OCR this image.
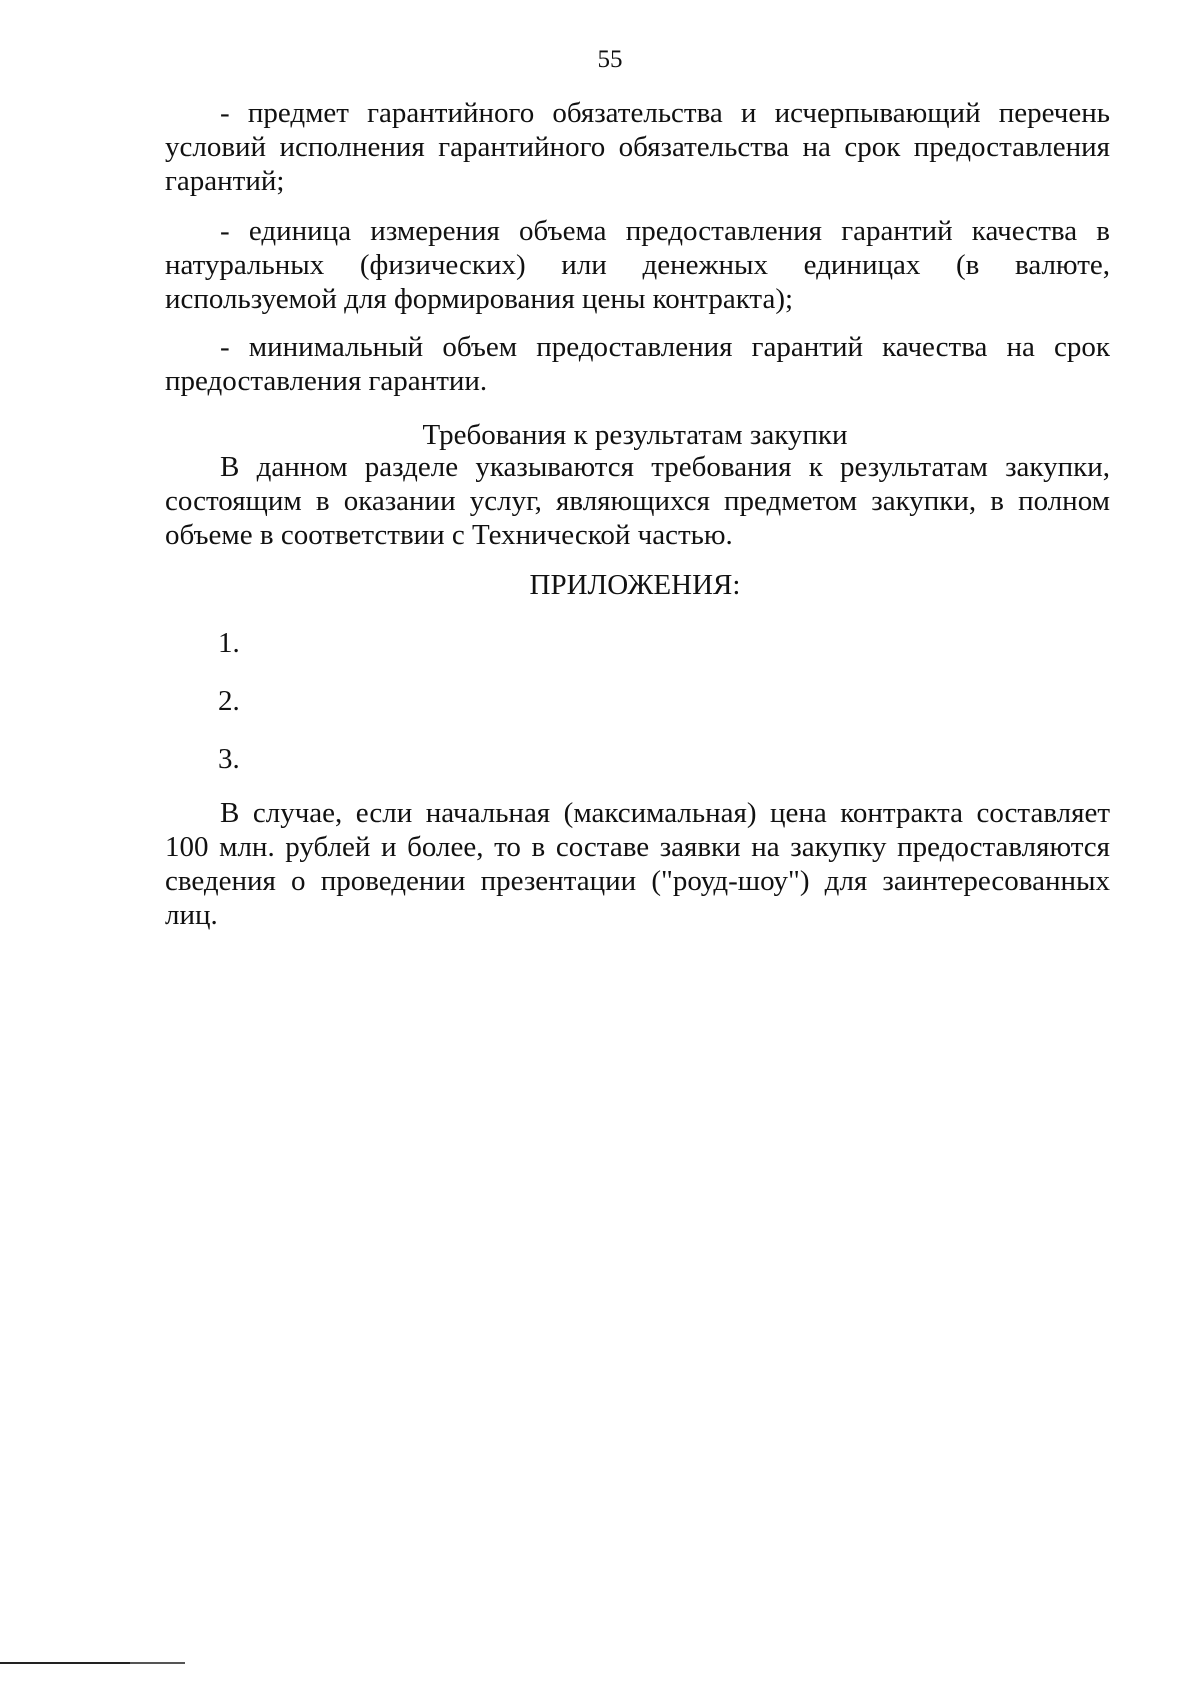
55

- предмет гарантийного обязательства и исчерпывающий перечень условий исполнения гарантийного обязательства на срок предоставления гарантий;

- единица измерения объема предоставления гарантий качества в натуральных (физических) или денежных единицах (в валюте, используемой для формирования цены контракта);

- минимальный объем предоставления гарантий качества на срок предоставления гарантии.

Требования к результатам закупки

В данном разделе указываются требования к результатам закупки, состоящим в оказании услуг, являющихся предметом закупки, в полном объеме в соответствии с Технической частью.

ПРИЛОЖЕНИЯ:
1.
2.
3.

В случае, если начальная (максимальная) цена контракта составляет 100 млн. рублей и более, то в составе заявки на закупку предоставляются сведения о проведении презентации ("роуд-шоу") для заинтересованных лиц.
